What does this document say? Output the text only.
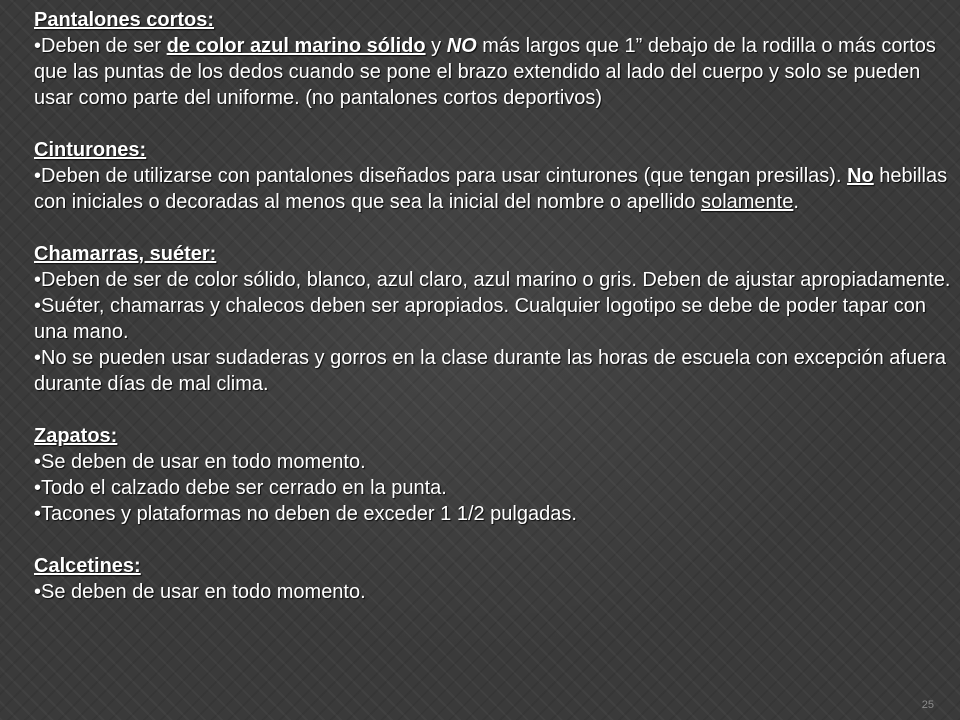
Pantalones cortos:

•Deben de ser de color azul marino sólido y NO más largos que 1” debajo de la rodilla o más cortos que las puntas de los dedos cuando se pone el brazo extendido al lado del cuerpo y solo se pueden usar como parte del uniforme. (no pantalones cortos deportivos)

Cinturones:

•Deben de utilizarse con pantalones diseñados para usar cinturones (que tengan presillas). No hebillas con iniciales o decoradas al menos que sea la inicial del nombre o apellido solamente.

Chamarras, suéter:

•Deben de ser de color sólido, blanco, azul claro, azul marino o gris. Deben de ajustar apropiadamente.

•Suéter, chamarras y chalecos deben ser apropiados. Cualquier logotipo se debe de poder tapar con una mano.

•No se pueden usar sudaderas y gorros en la clase durante las horas de escuela con excepción afuera durante días de mal clima.

Zapatos:

•Se deben de usar en todo momento.

•Todo el calzado debe ser cerrado en la punta.

•Tacones y plataformas no deben de exceder 1 1/2 pulgadas.

Calcetines:

•Se deben de usar en todo momento.

25
